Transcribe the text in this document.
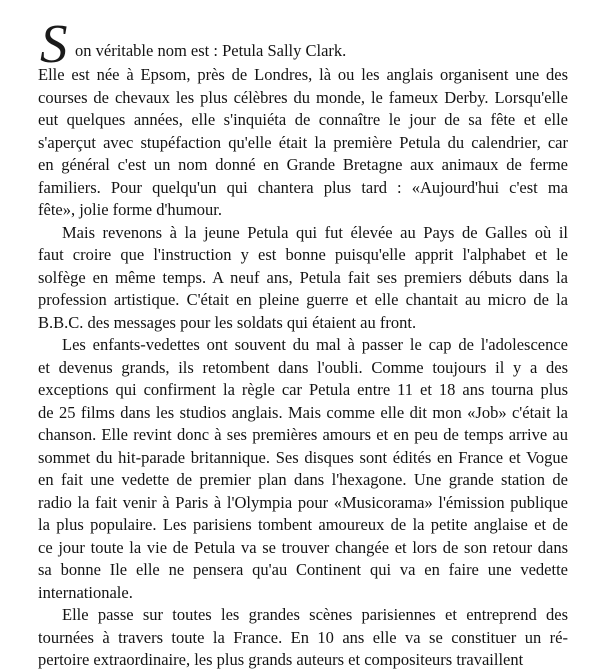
S on véritable nom est : Petula Sally Clark.
Elle est née à Epsom, près de Londres, là ou les anglais organisent une des
courses de chevaux les plus célèbres du monde, le fameux Derby. Lorsqu'elle
eut quelques années, elle s'inquiéta de connaître le jour de sa fête et elle
s'aperçut avec stupéfaction qu'elle était la première Petula du calendrier, car
en général c'est un nom donné en Grande Bretagne aux animaux de ferme
familiers. Pour quelqu'un qui chantera plus tard : «Aujourd'hui c'est ma
fête», jolie forme d'humour.
Mais revenons à la jeune Petula qui fut élevée au Pays de Galles où il
faut croire que l'instruction y est bonne puisqu'elle apprit l'alphabet et le
solfège en même temps. A neuf ans, Petula fait ses premiers débuts dans la
profession artistique. C'était en pleine guerre et elle chantait au micro de la
B.B.C. des messages pour les soldats qui étaient au front.
Les enfants-vedettes ont souvent du mal à passer le cap de l'adolescence
et devenus grands, ils retombent dans l'oubli. Comme toujours il y a des
exceptions qui confirment la règle car Petula entre 11 et 18 ans tourna plus
de 25 films dans les studios anglais. Mais comme elle dit mon «Job» c'était la
chanson. Elle revint donc à ses premières amours et en peu de temps arrive au
sommet du hit-parade britannique. Ses disques sont édités en France et Vogue
en fait une vedette de premier plan dans l'hexagone. Une grande station de
radio la fait venir à Paris à l'Olympia pour «Musicorama» l'émission publique
la plus populaire. Les parisiens tombent amoureux de la petite anglaise et de
ce jour toute la vie de Petula va se trouver changée et lors de son retour dans
sa bonne Ile elle ne pensera qu'au Continent qui va en faire une vedette
internationale.
Elle passe sur toutes les grandes scènes parisiennes et entreprend des
tournées à travers toute la France. En 10 ans elle va se constituer un ré-
pertoire extraordinaire, les plus grands auteurs et compositeurs travaillent
